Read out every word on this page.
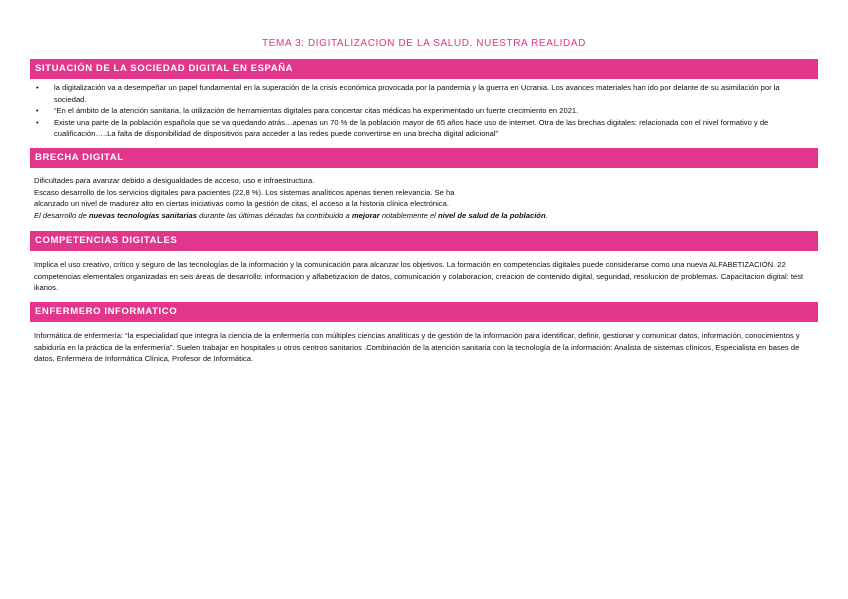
TEMA 3: DIGITALIZACION DE LA SALUD. NUESTRA REALIDAD
SITUACIÓN DE LA SOCIEDAD DIGITAL EN ESPAÑA
• la digitalización va a desempeñar un papel fundamental en la superación de la crisis económica provocada por la pandemia y la guerra en Ucrania. Los avances materiales han ido por delante de su asimilación por la sociedad.
• “En el ámbito de la atención sanitaria, la utilización de herramientas digitales para concertar citas médicas ha experimentado un fuerte crecimiento en 2021.
• Existe una parte de la población española que se va quedando atrás…apenas un 70 % de la población mayor de 65 años hace uso de internet. Otra de las brechas digitales: relacionada con el nivel formativo y de cualificación…..La falta de disponibilidad de dispositivos para acceder a las redes puede convertirse en una brecha digital adicional”
BRECHA DIGITAL
Dificultades para avanzar debido a desigualdades de acceso, uso e infraestructura.
Escaso desarrollo de los servicios digitales para pacientes (22,8 %). Los sistemas analíticos apenas tienen relevancia. Se ha
alcanzado un nivel de madurez alto en ciertas iniciativas como la gestión de citas, el acceso a la historia clínica electrónica.
El desarrollo de nuevas tecnologías sanitarias durante las últimas décadas ha contribuido a mejorar notablemente el nivel de salud de la población.
COMPETENCIAS DIGITALES
Implica el uso creativo, crítico y seguro de las tecnologías de la información y la comunicación para alcanzar los objetivos. La formación en competencias digitales puede considerarse como una nueva ALFABETIZACIÓN. 22 competencias elementales organizadas en seis áreas de desarrollo: informacion y alfabetizacion de datos, comunicación y colaboracion, creacion de contenido digital, seguridad, resolucion de problemas. Capacitacion digital: test ikanos.
ENFERMERO INFORMATICO
Informática de enfermería: “la especialidad que integra la ciencia de la enfermería con múltiples ciencias analíticas y de gestión de la información para identificar, definir, gestionar y comunicar datos, información, conocimientos y sabiduría en la práctica de la enfermería”. Suelen trabajar en hospitales u otros centros sanitarios .Combinación de la atención sanitaria con la tecnología de la información: Analista de sistemas clínicos, Especialista en bases de datos, Enfermera de Informática Clínica, Profesor de Informática.
